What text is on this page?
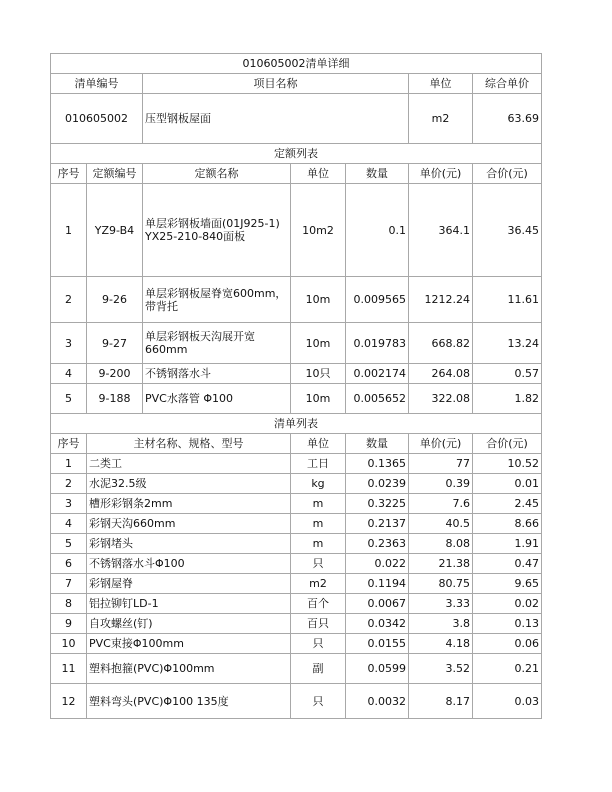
010605002清单详细						
清单编号		项目名称			单位	综合单价
010605002		压型钢板屋面			m2	63.69
定额列表						
序号	定额编号	定额名称	单位	数量	单价(元)	合价(元)
1	YZ9-B4	单层彩钢板墙面(01J925-1) YX25-210-840面板	10m2	0.1	364.1	36.45
2	9-26	单层彩钢板屋脊宽600mm，带背托	10m	0.009565	1212.24	11.61
3	9-27	单层彩钢板天沟展开宽660mm	10m	0.019783	668.82	13.24
4	9-200	不锈钢落水斗	10只	0.002174	264.08	0.57
5	9-188	PVC水落管 Φ100	10m	0.005652	322.08	1.82
清单列表						
序号	主材名称、规格、型号		单位	数量	单价(元)	合价(元)
1	二类工		工日	0.1365	77	10.52
2	水泥32.5级		kg	0.0239	0.39	0.01
3	槽形彩钢条2mm		m	0.3225	7.6	2.45
4	彩钢天沟660mm		m	0.2137	40.5	8.66
5	彩钢堵头		m	0.2363	8.08	1.91
6	不锈钢落水斗Φ100		只	0.022	21.38	0.47
7	彩钢屋脊		m2	0.1194	80.75	9.65
8	铝拉铆钉LD-1		百个	0.0067	3.33	0.02
9	自攻螺丝(钉)		百只	0.0342	3.8	0.13
10	PVC束接Φ100mm		只	0.0155	4.18	0.06
11	塑料抱箍(PVC)Φ100mm		副	0.0599	3.52	0.21
12	塑料弯头(PVC)Φ100 135度		只	0.0032	8.17	0.03
